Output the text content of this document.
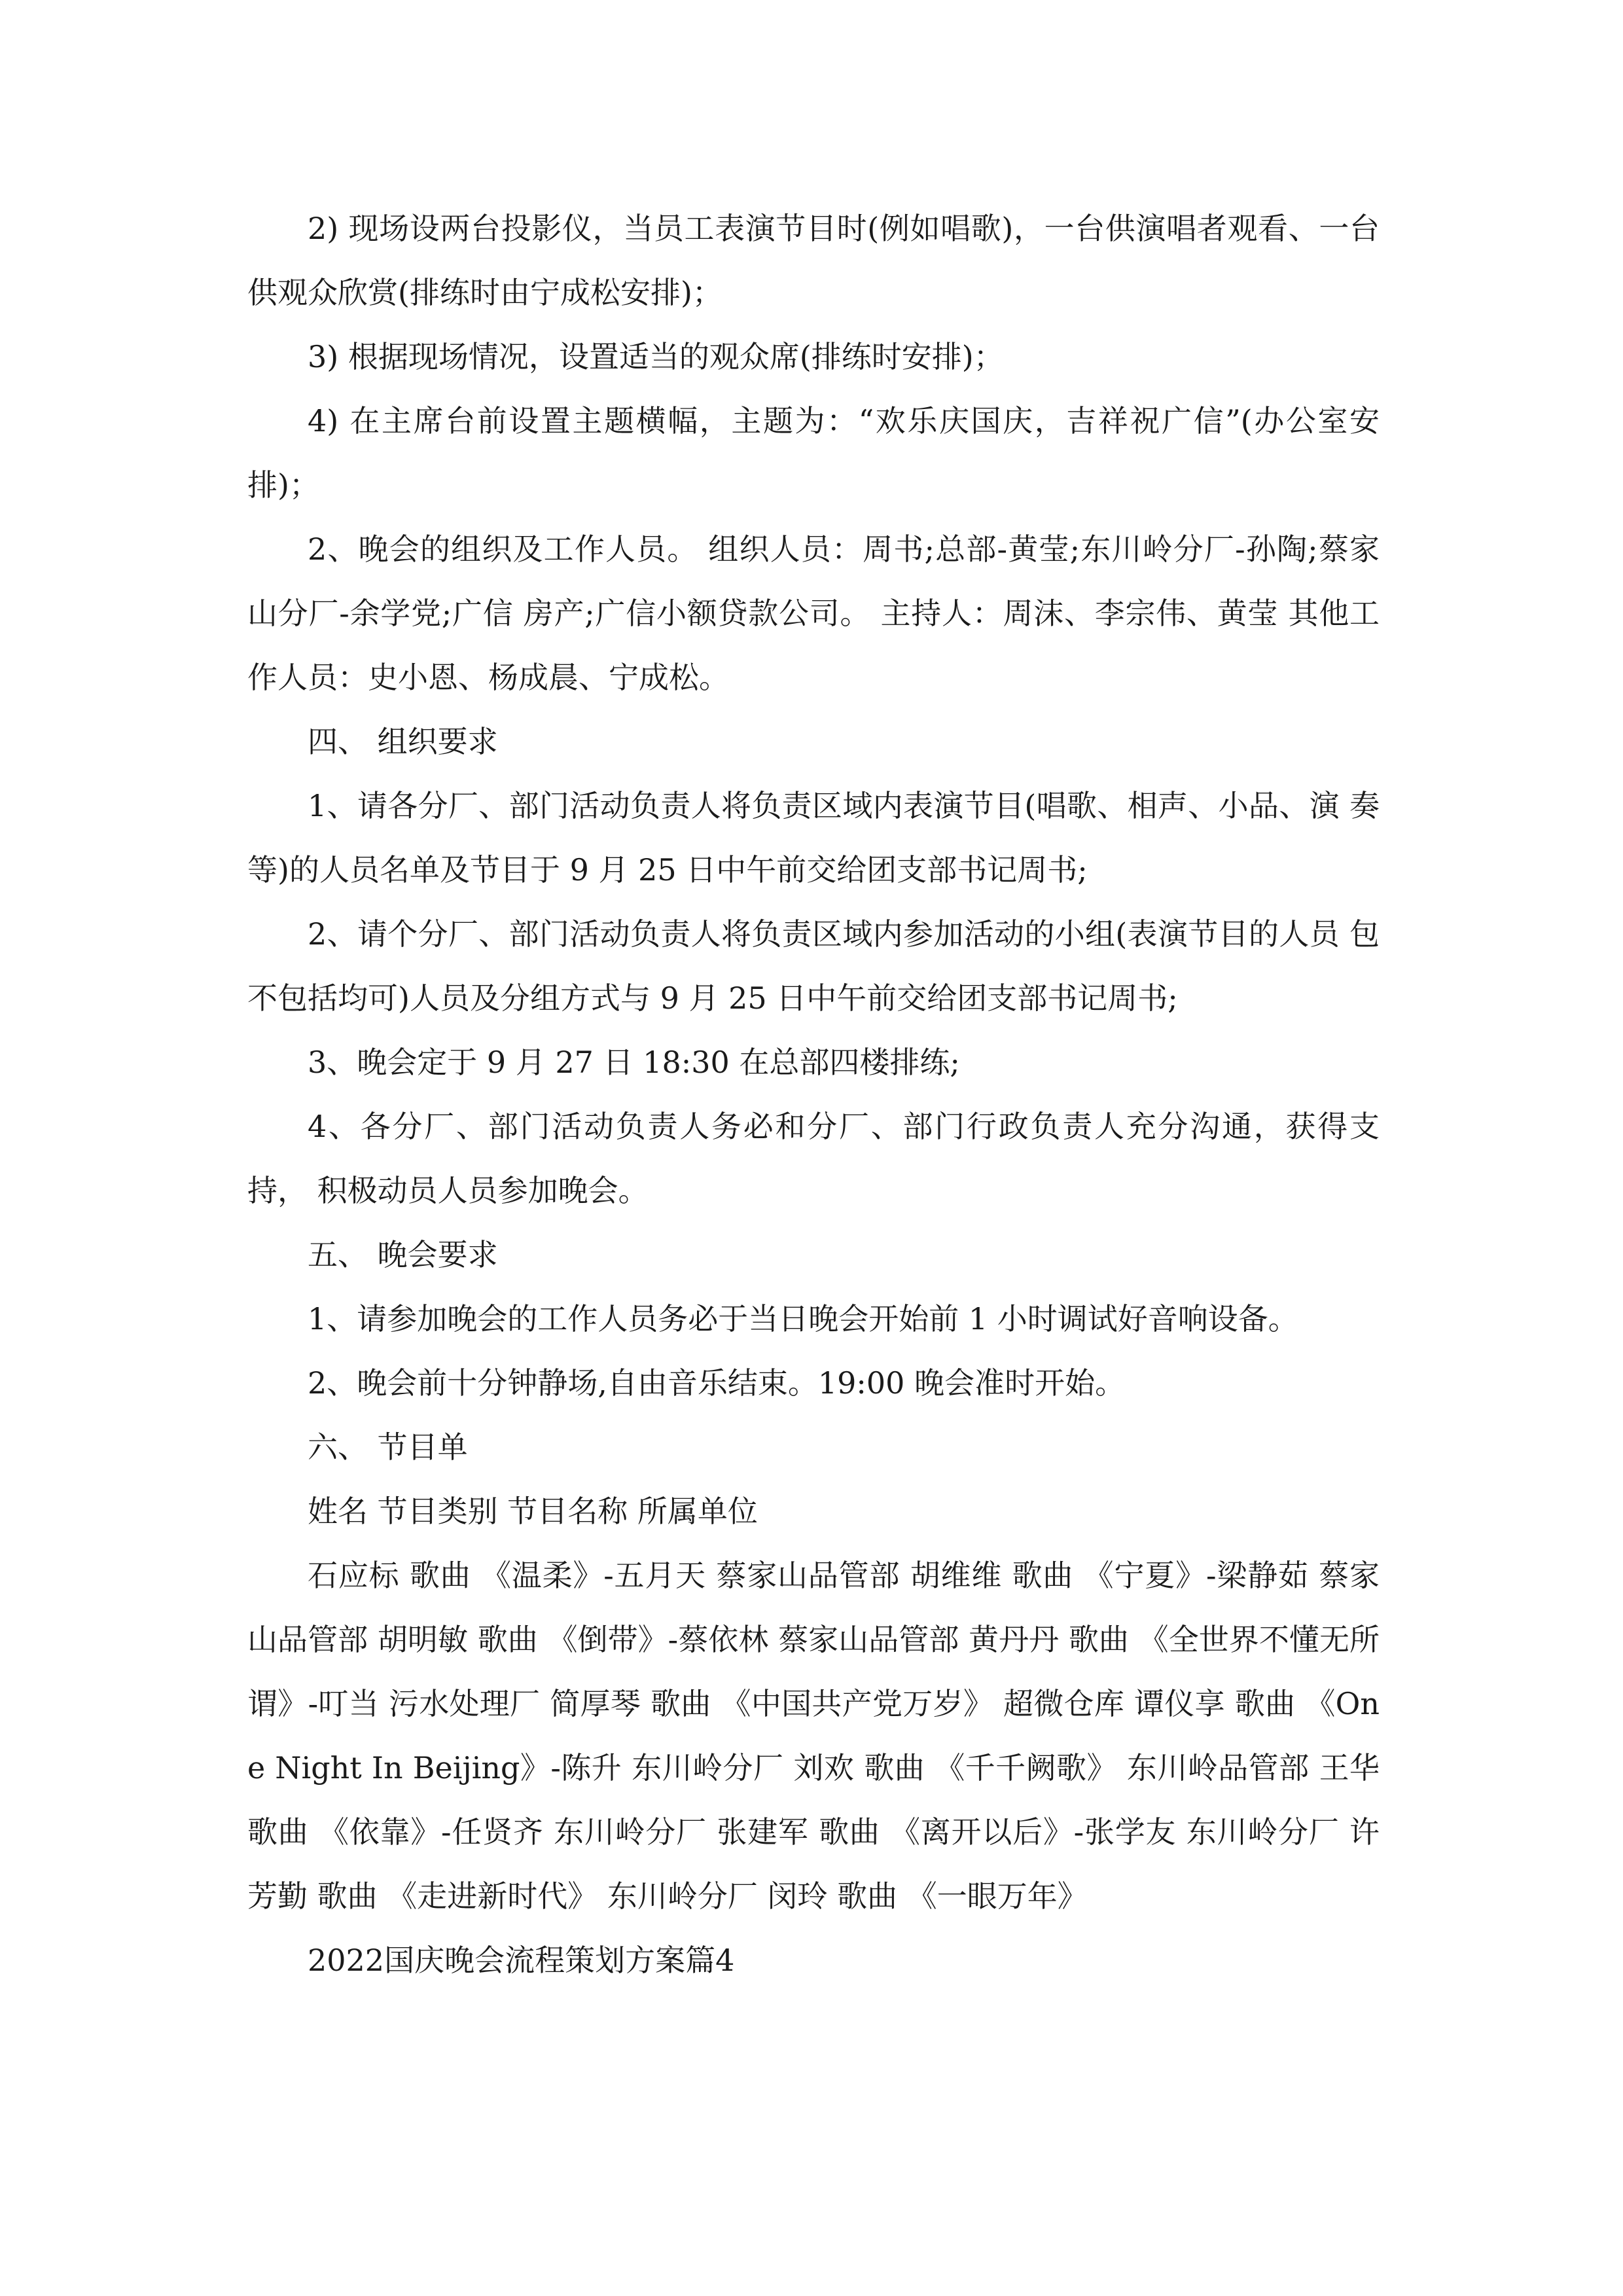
2) 现场设两台投影仪，当员工表演节目时(例如唱歌)，一台供演唱者观看、一台供观众欣赏(排练时由宁成松安排)；

3) 根据现场情况，设置适当的观众席(排练时安排)；

4) 在主席台前设置主题横幅，主题为：“欢乐庆国庆，吉祥祝广信”(办公室安排)；

2、晚会的组织及工作人员。 组织人员：周书;总部-黄莹;东川岭分厂-孙陶;蔡家山分厂-余学党;广信 房产;广信小额贷款公司。 主持人：周沫、李宗伟、黄莹 其他工作人员：史小恩、杨成晨、宁成松。

四、 组织要求

1、请各分厂、部门活动负责人将负责区域内表演节目(唱歌、相声、小品、演 奏等)的人员名单及节目于 9 月 25 日中午前交给团支部书记周书;

2、请个分厂、部门活动负责人将负责区域内参加活动的小组(表演节目的人员 包不包括均可)人员及分组方式与 9 月 25 日中午前交给团支部书记周书;

3、晚会定于 9 月 27 日 18:30 在总部四楼排练;

4、各分厂、部门活动负责人务必和分厂、部门行政负责人充分沟通，获得支持， 积极动员人员参加晚会。

五、 晚会要求

1、请参加晚会的工作人员务必于当日晚会开始前 1 小时调试好音响设备。

2、晚会前十分钟静场,自由音乐结束。19:00 晚会准时开始。

六、 节目单

姓名 节目类别 节目名称 所属单位

石应标 歌曲 《温柔》-五月天 蔡家山品管部 胡维维 歌曲 《宁夏》-梁静茹 蔡家山品管部 胡明敏 歌曲 《倒带》-蔡依林 蔡家山品管部 黄丹丹 歌曲 《全世界不懂无所谓》-叮当 污水处理厂 简厚琴 歌曲 《中国共产党万岁》 超微仓库 谭仪享 歌曲 《One Night In Beijing》-陈升 东川岭分厂 刘欢 歌曲 《千千阙歌》 东川岭品管部 王华 歌曲 《依靠》-任贤齐 东川岭分厂 张建军 歌曲 《离开以后》-张学友 东川岭分厂 许芳勤 歌曲 《走进新时代》 东川岭分厂 闵玲 歌曲 《一眼万年》

2022国庆晚会流程策划方案篇4
